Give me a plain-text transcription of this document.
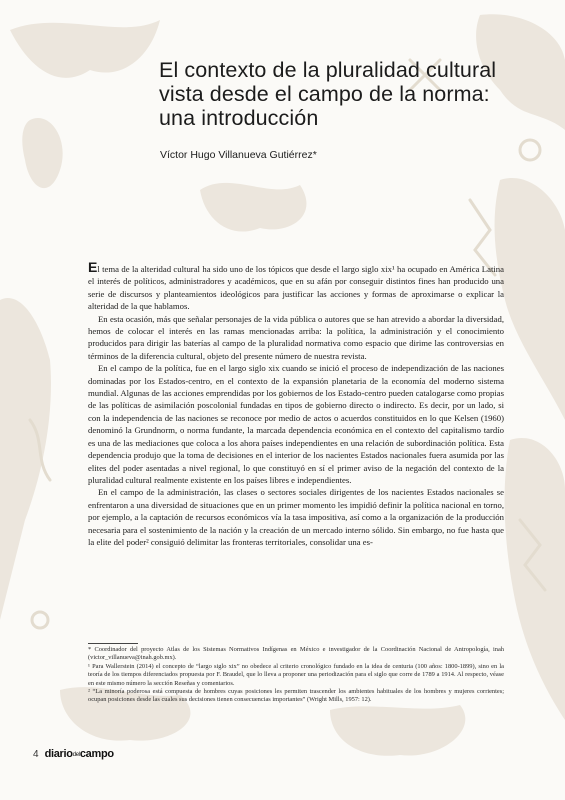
El contexto de la pluralidad cultural vista desde el campo de la norma: una introducción

Víctor Hugo Villanueva Gutiérrez*

El tema de la alteridad cultural ha sido uno de los tópicos que desde el largo siglo xix¹ ha ocupado en América Latina el interés de políticos, administradores y académicos, que en su afán por conseguir distintos fines han producido una serie de discursos y planteamientos ideológicos para justificar las acciones y formas de aproximarse o explicar la alteridad de la que hablamos.

En esta ocasión, más que señalar personajes de la vida pública o autores que se han atrevido a abordar la diversidad, hemos de colocar el interés en las ramas mencionadas arriba: la política, la administración y el conocimiento producidos para dirigir las baterías al campo de la pluralidad normativa como espacio que dirime las controversias en términos de la diferencia cultural, objeto del presente número de nuestra revista.

En el campo de la política, fue en el largo siglo xix cuando se inició el proceso de independización de las naciones dominadas por los Estados-centro, en el contexto de la expansión planetaria de la economía del moderno sistema mundial. Algunas de las acciones emprendidas por los gobiernos de los Estado-centro pueden catalogarse como propias de las políticas de asimilación poscolonial fundadas en tipos de gobierno directo o indirecto. Es decir, por un lado, si con la independencia de las naciones se reconoce por medio de actos o acuerdos constituidos en lo que Kelsen (1960) denominó la Grundnorm, o norma fundante, la marcada dependencia económica en el contexto del capitalismo tardío es una de las mediaciones que coloca a los ahora países independientes en una relación de subordinación política. Esta dependencia produjo que la toma de decisiones en el interior de los nacientes Estados nacionales fuera asumida por las elites del poder asentadas a nivel regional, lo que constituyó en sí el primer aviso de la negación del contexto de la pluralidad cultural realmente existente en los países libres e independientes.

En el campo de la administración, las clases o sectores sociales dirigentes de los nacientes Estados nacionales se enfrentaron a una diversidad de situaciones que en un primer momento les impidió definir la política nacional en torno, por ejemplo, a la captación de recursos económicos vía la tasa impositiva, así como a la organización de la producción necesaria para el sostenimiento de la nación y la creación de un mercado interno sólido. Sin embargo, no fue hasta que la elite del poder² consiguió delimitar las fronteras territoriales, consolidar una es-

* Coordinador del proyecto Atlas de los Sistemas Normativos Indígenas en México e investigador de la Coordinación Nacional de Antropología, inah (victor_villanueva@inah.gob.mx).

¹ Para Wallerstein (2014) el concepto de “largo siglo xix” no obedece al criterio cronológico fundado en la idea de centuria (100 años: 1800-1899), sino en la teoría de los tiempos diferenciados propuesta por F. Braudel, que lo lleva a proponer una periodización para el siglo que corre de 1789 a 1914. Al respecto, véase en este mismo número la sección Reseñas y comentarios.

² “La minoría poderosa está compuesta de hombres cuyas posiciones les permiten trascender los ambientes habituales de los hombres y mujeres corrientes; ocupan posiciones desde las cuales sus decisiones tienen consecuencias importantes” (Wright Mills, 1957: 12).

4 diariodelcampo
